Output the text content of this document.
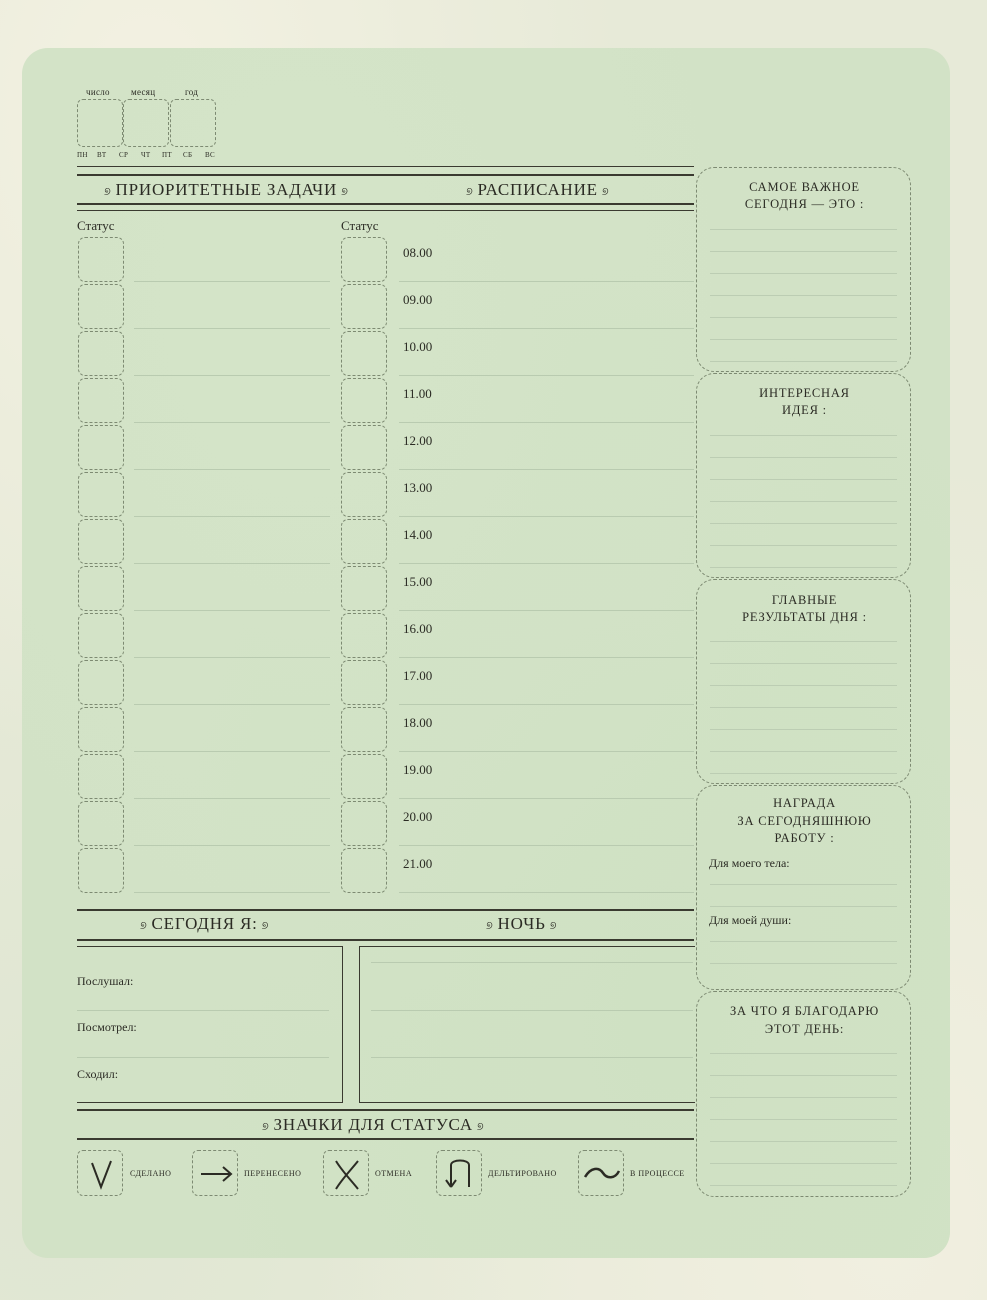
число месяц	год
ПН ВТ СР ЧТ ПТ СБ ВС
୭ ПРИОРИТЕТНЫЕ ЗАДАЧИ ୭	୭ РАСПИСАНИЕ ୭
Статус	Статус
08.00
09.00
10.00
11.00
12.00
13.00
14.00
15.00
16.00
17.00
18.00
19.00
20.00
21.00
୭ СЕГОДНЯ Я: ୭	୭ НОЧЬ ୭
Послушал:
Посмотрел:
Сходил:
୭ ЗНАЧКИ ДЛЯ СТАТУСА ୭
СДЕЛАНО	ПЕРЕНЕСЕНО	ОТМЕНА	ДЕЛЬТИРОВАНО	В ПРОЦЕССЕ
САМОЕ ВАЖНОЕ
СЕГОДНЯ — ЭТО :
ИНТЕРЕСНАЯ
ИДЕЯ :
ГЛАВНЫЕ
РЕЗУЛЬТАТЫ ДНЯ :
НАГРАДА
ЗА СЕГОДНЯШНЮЮ
РАБОТУ :
Для моего тела:
Для моей души:
ЗА ЧТО Я БЛАГОДАРЮ
ЭТОТ ДЕНЬ:
